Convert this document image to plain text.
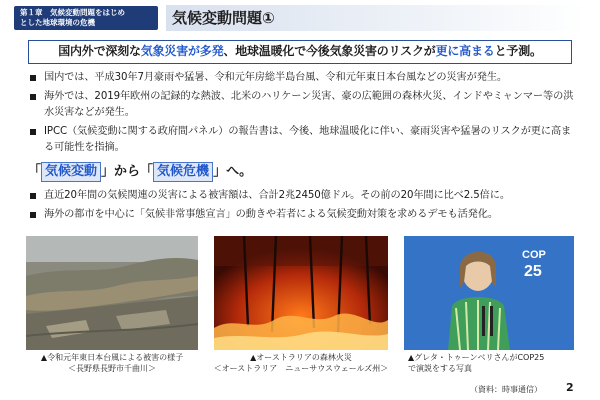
第１章　気候変動問題をはじめ
とした地球環境の危機	気候変動問題①
国内外で深刻な気象災害が多発、地球温暖化で今後気象災害のリスクが更に高まると予測。
国内では、平成30年7月豪雨や猛暑、令和元年房総半島台風、令和元年東日本台風などの災害が発生。
海外では、2019年欧州の記録的な熱波、北米のハリケーン災害、豪の広範囲の森林火災、インドやミャンマー等の洪水災害などが発生。
IPCC（気候変動に関する政府間パネル）の報告書は、今後、地球温暖化に伴い、豪雨災害や猛暑のリスクが更に高まる可能性を指摘。
「 気候変動 」から「 気候危機 」へ。
直近20年間の気候関連の災害による被害額は、合計2兆2450億ドル。その前の20年間に比べ2.5倍に。
海外の都市を中心に「気候非常事態宣言」の動きや若者による気候変動対策を求めるデモも活発化。
COP
25
▲令和元年東日本台風による被害の様子
＜長野県長野市千曲川＞
▲オーストラリアの森林火災
＜オーストラリア　ニューサウスウェールズ州＞
▲グレタ・トゥーンベリさんがCOP25
で演説をする写真
（資料：時事通信） 2
